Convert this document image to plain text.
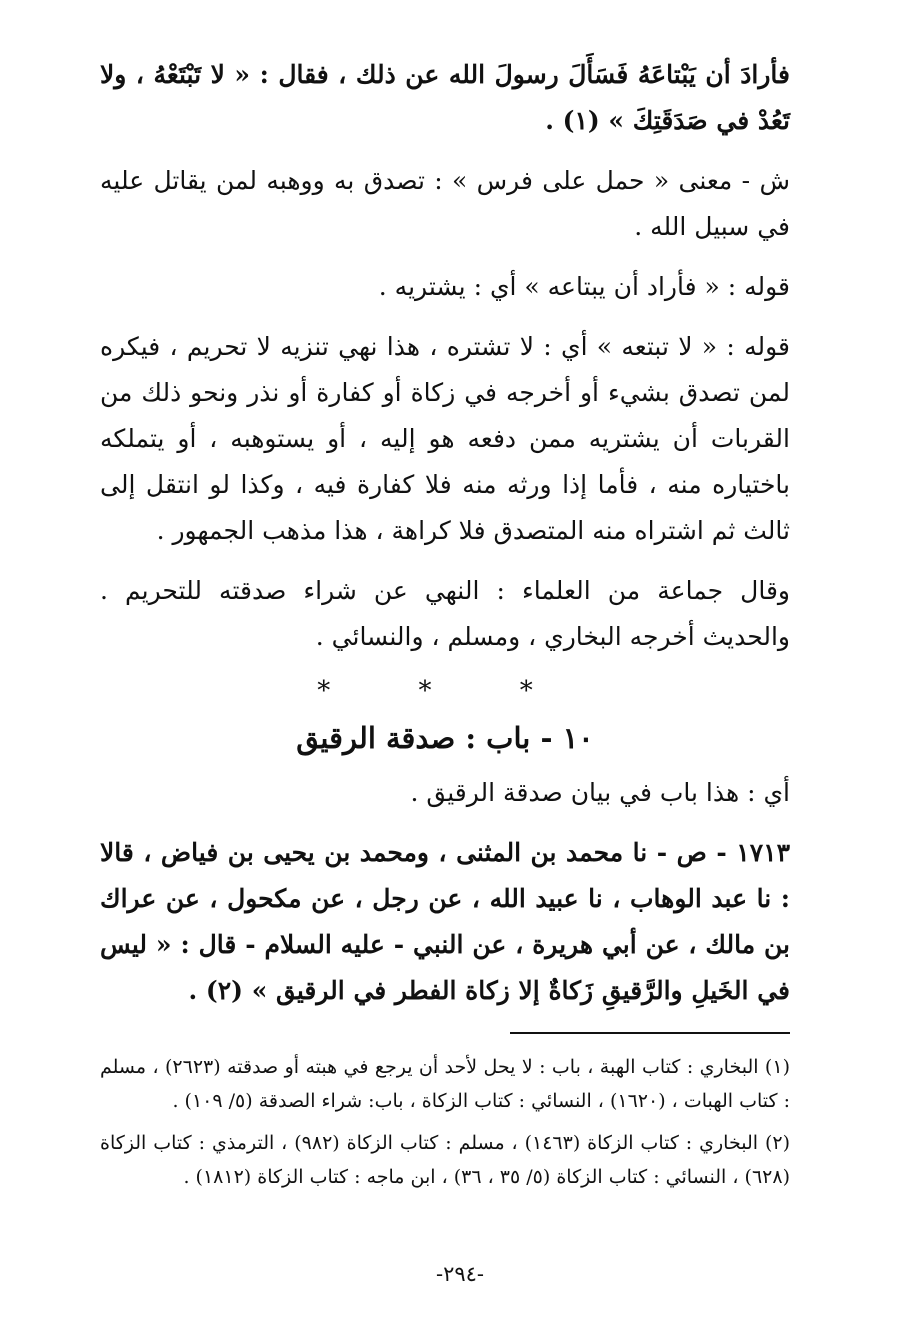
فأرادَ أن يَبْتاعَهُ فَسَأَلَ رسولَ الله عن ذلك ، فقال : « لا تَبْتَعْهُ ، ولا تَعُدْ في صَدَقَتِكَ » (١) .

ش - معنى « حمل على فرس » : تصدق به ووهبه لمن يقاتل عليه في سبيل الله .

قوله : « فأراد أن يبتاعه » أي : يشتريه .

قوله : « لا تبتعه » أي : لا تشتره ، هذا نهي تنزيه لا تحريم ، فيكره لمن تصدق بشيء أو أخرجه في زكاة أو كفارة أو نذر ونحو ذلك من القربات أن يشتريه ممن دفعه هو إليه ، أو يستوهبه ، أو يتملكه باختياره منه ، فأما إذا ورثه منه فلا كفارة فيه ، وكذا لو انتقل إلى ثالث ثم اشتراه منه المتصدق فلا كراهة ، هذا مذهب الجمهور .

وقال جماعة من العلماء : النهي عن شراء صدقته للتحريم . والحديث أخرجه البخاري ، ومسلم ، والنسائي .

* * *
١٠ - باب : صدقة الرقيق

أي : هذا باب في بيان صدقة الرقيق .

١٧١٣ - ص - نا محمد بن المثنى ، ومحمد بن يحيى بن فياض ، قالا : نا عبد الوهاب ، نا عبيد الله ، عن رجل ، عن مكحول ، عن عراك بن مالك ، عن أبي هريرة ، عن النبي - عليه السلام - قال : « ليس في الخَيلِ والرَّقيقِ زَكاةٌ إلا زكاة الفطر في الرقيق » (٢) .

(١) البخاري : كتاب الهبة ، باب : لا يحل لأحد أن يرجع في هبته أو صدقته (٢٦٢٣) ، مسلم : كتاب الهبات ، (١٦٢٠) ، النسائي : كتاب الزكاة ، باب: شراء الصدقة (٥/ ١٠٩) .

(٢) البخاري : كتاب الزكاة (١٤٦٣) ، مسلم : كتاب الزكاة (٩٨٢) ، الترمذي : كتاب الزكاة (٦٢٨) ، النسائي : كتاب الزكاة (٥/ ٣٥ ، ٣٦) ، ابن ماجه : كتاب الزكاة (١٨١٢) .

-٢٩٤-
